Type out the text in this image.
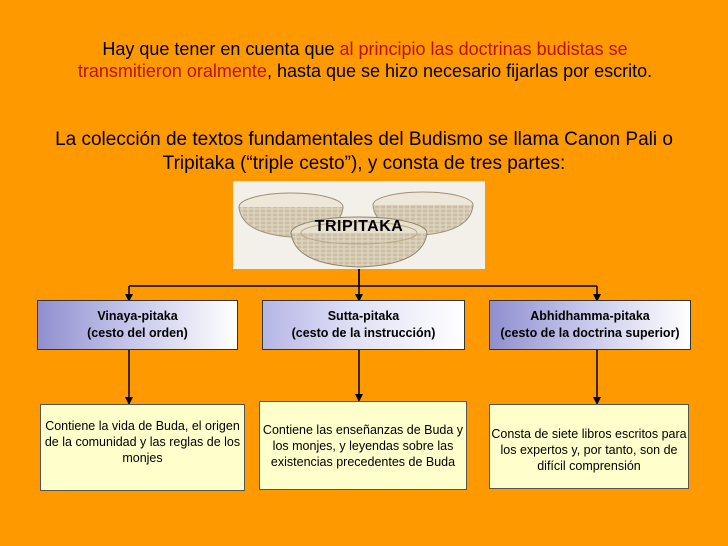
Hay que tener en cuenta que al principio las doctrinas budistas se transmitieron oralmente, hasta que se hizo necesario fijarlas por escrito.
La colección de textos fundamentales del Budismo se llama Canon Pali o Tripitaka (“triple cesto”), y consta de tres partes:
TRIPITAKA
Vinaya-pitaka
(cesto del orden)
Sutta-pitaka
(cesto de la instrucción)
Abhidhamma-pitaka
(cesto de la doctrina superior)
Contiene la vida de Buda, el origen de la comunidad y las reglas de los monjes
Contiene las enseñanzas de Buda y los monjes, y leyendas sobre las existencias precedentes de Buda
Consta de siete libros escritos para los expertos y, por tanto, son de difícil comprensión
